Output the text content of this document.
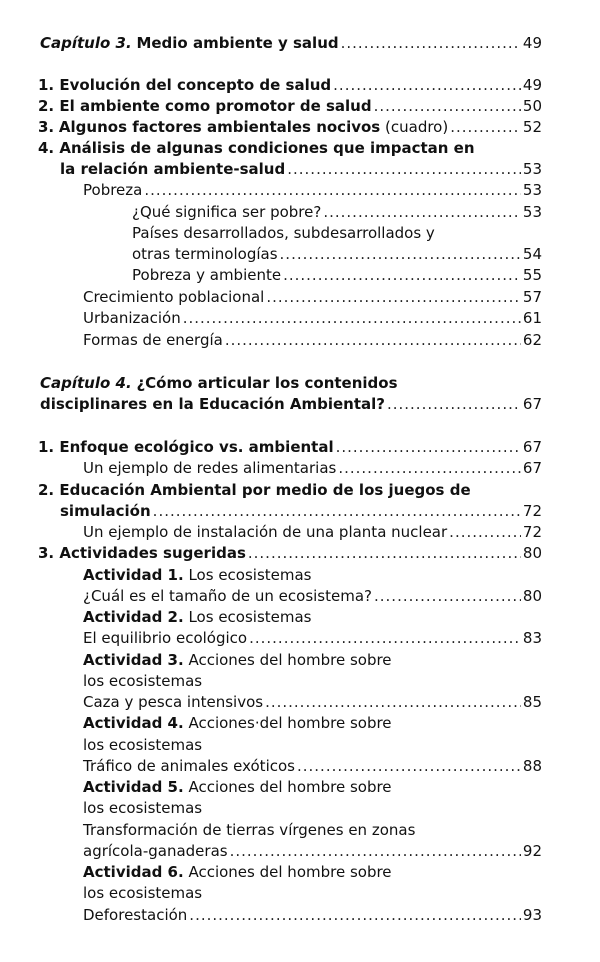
Capítulo 3. Medio ambiente y salud .....	49
1. Evolución del concepto de salud .....	49
2. El ambiente como promotor de salud .....	50
3. Algunos factores ambientales nocivos (cuadro) .....	52
4. Análisis de algunas condiciones que impactan en
la relación ambiente-salud .....	53
Pobreza .....	53
¿Qué significa ser pobre? .....	53
Países desarrollados, subdesarrollados y
otras terminologías .....	54
Pobreza y ambiente .....	55
Crecimiento poblacional .....	57
Urbanización .....	61
Formas de energía .....	62
Capítulo 4. ¿Cómo articular los contenidos
disciplinares en la Educación Ambiental? .....	67
1. Enfoque ecológico vs. ambiental .....	67
Un ejemplo de redes alimentarias .....	67
2. Educación Ambiental por medio de los juegos de
simulación .....	72
Un ejemplo de instalación de una planta nuclear .....	72
3. Actividades sugeridas .....	80
Actividad 1. Los ecosistemas
¿Cuál es el tamaño de un ecosistema? .....	80
Actividad 2. Los ecosistemas
El equilibrio ecológico .....	83
Actividad 3. Acciones del hombre sobre
los ecosistemas
Caza y pesca intensivos .....	85
Actividad 4. Acciones·del hombre sobre
los ecosistemas
Tráfico de animales exóticos .....	88
Actividad 5. Acciones del hombre sobre
los ecosistemas
Transformación de tierras vírgenes en zonas
agrícola-ganaderas .....	92
Actividad 6. Acciones del hombre sobre
los ecosistemas
Deforestación .....	93
